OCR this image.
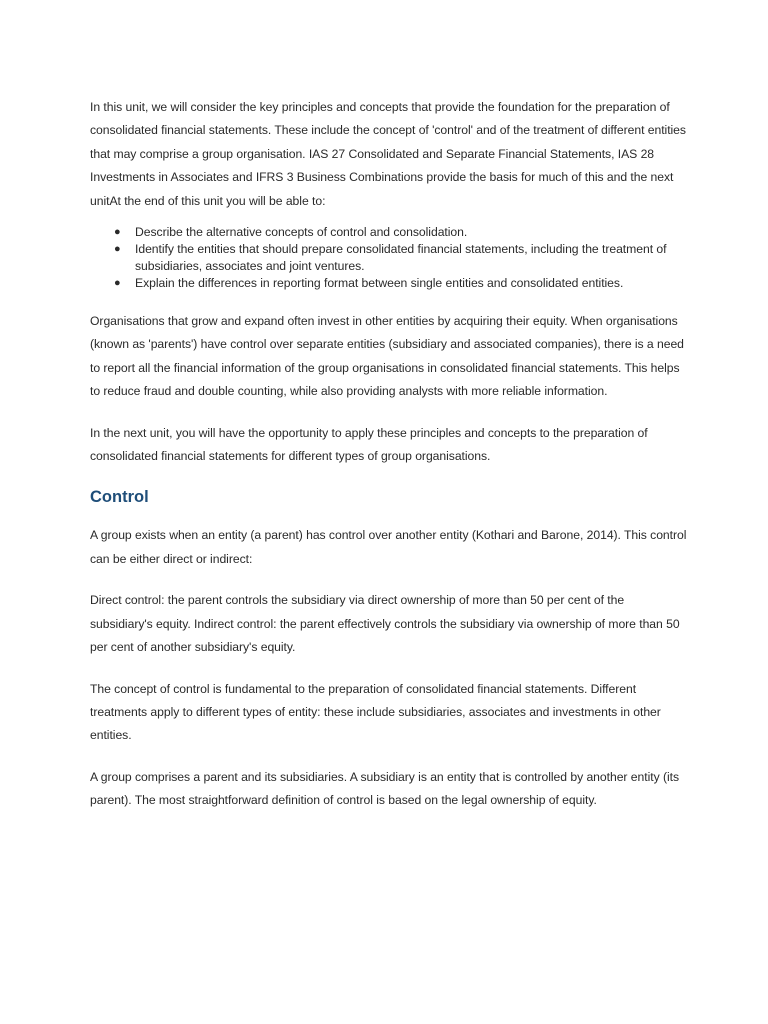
In this unit, we will consider the key principles and concepts that provide the foundation for the preparation of consolidated financial statements. These include the concept of 'control' and of the treatment of different entities that may comprise a group organisation. IAS 27 Consolidated and Separate Financial Statements, IAS 28 Investments in Associates and IFRS 3 Business Combinations provide the basis for much of this and the next unitAt the end of this unit you will be able to:

● Describe the alternative concepts of control and consolidation.
● Identify the entities that should prepare consolidated financial statements, including the treatment of subsidiaries, associates and joint ventures.
● Explain the differences in reporting format between single entities and consolidated entities.

Organisations that grow and expand often invest in other entities by acquiring their equity. When organisations (known as 'parents') have control over separate entities (subsidiary and associated companies), there is a need to report all the financial information of the group organisations in consolidated financial statements. This helps to reduce fraud and double counting, while also providing analysts with more reliable information.

In the next unit, you will have the opportunity to apply these principles and concepts to the preparation of consolidated financial statements for different types of group organisations.

Control

A group exists when an entity (a parent) has control over another entity (Kothari and Barone, 2014). This control can be either direct or indirect:

Direct control: the parent controls the subsidiary via direct ownership of more than 50 per cent of the subsidiary's equity. Indirect control: the parent effectively controls the subsidiary via ownership of more than 50 per cent of another subsidiary's equity.

The concept of control is fundamental to the preparation of consolidated financial statements. Different treatments apply to different types of entity: these include subsidiaries, associates and investments in other entities.

A group comprises a parent and its subsidiaries. A subsidiary is an entity that is controlled by another entity (its parent). The most straightforward definition of control is based on the legal ownership of equity.
